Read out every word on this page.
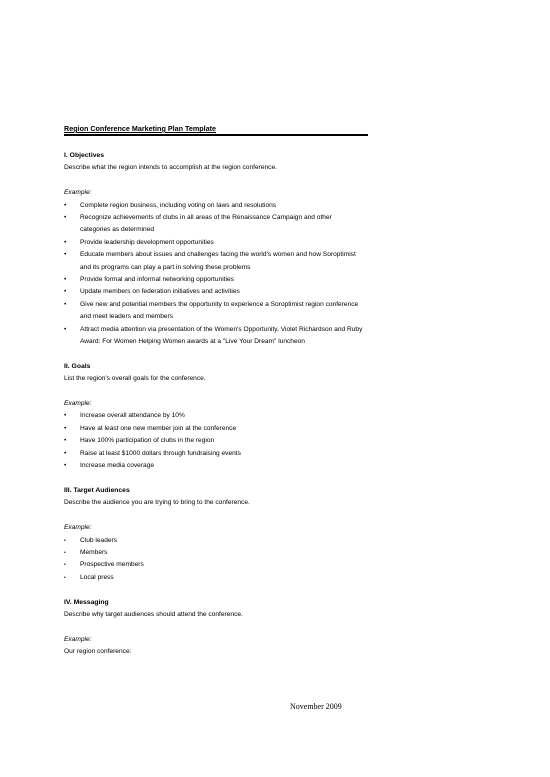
Region Conference Marketing Plan Template
I. Objectives
Describe what the region intends to accomplish at the region conference.
Example:
• Complete region business, including voting on laws and resolutions
• Recognize achievements of clubs in all areas of the Renaissance Campaign and other categories as determined
• Provide leadership development opportunities
• Educate members about issues and challenges facing the world's women and how Soroptimist and its programs can play a part in solving these problems
• Provide formal and informal networking opportunities
• Update members on federation initiatives and activities
• Give new and potential members the opportunity to experience a Soroptimist region conference and meet leaders and members
• Attract media attention via presentation of the Women's Opportunity, Violet Richardson and Ruby Award: For Women Helping Women awards at a "Live Your Dream" luncheon
II. Goals
List the region's overall goals for the conference.
Example:
• Increase overall attendance by 10%
• Have at least one new member join at the conference
• Have 100% participation of clubs in the region
• Raise at least $1000 dollars through fundraising events
• Increase media coverage
III. Target Audiences
Describe the audience you are trying to bring to the conference.
Example:
• Club leaders
• Members
• Prospective members
• Local press
IV. Messaging
Describe why target audiences should attend the conference.
Example:
Our region conference:
November 2009
